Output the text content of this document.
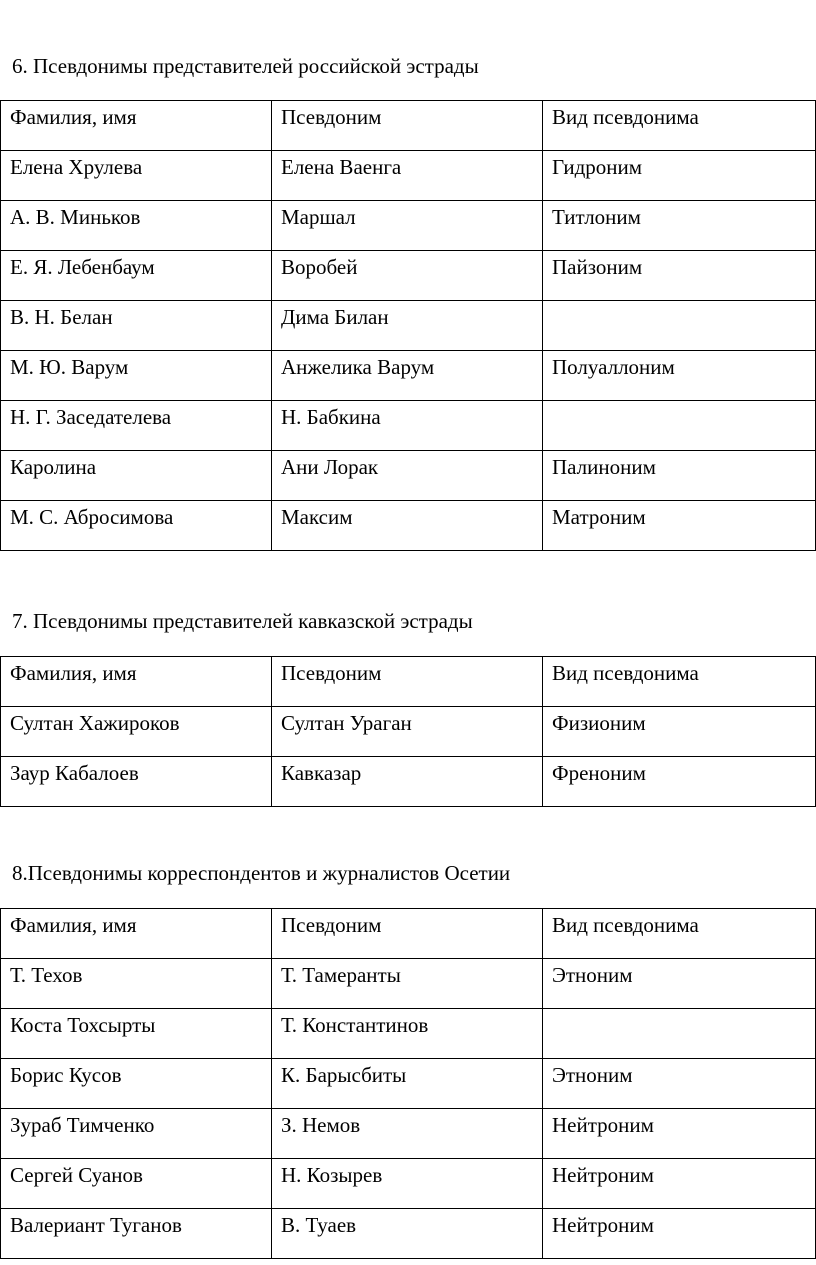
6. Псевдонимы представителей российской эстрады
Фамилия, имя	Псевдоним	Вид псевдонима

Елена Хрулева	Елена Ваенга	Гидроним

А. В. Миньков	Маршал	Титлоним

Е. Я. Лебенбаум	Воробей	Пайзоним

В. Н. Белан	Дима Билан	

М. Ю. Варум	Анжелика Варум	Полуаллоним

Н. Г. Заседателева	Н. Бабкина	

Каролина	Ани Лорак	Палиноним

М. С. Абросимова	Максим	Матроним
7. Псевдонимы представителей кавказской эстрады
Фамилия, имя	Псевдоним	Вид псевдонима

Султан Хажироков	Султан Ураган	Физионим

Заур Кабалоев	Кавказар	Френоним
8.Псевдонимы корреспондентов и журналистов Осетии
Фамилия, имя	Псевдоним	Вид псевдонима

Т. Техов	Т. Тамеранты	Этноним

Коста Тохсырты	Т. Константинов	

Борис Кусов	К. Барысбиты	Этноним

Зураб Тимченко	З. Немов	Нейтроним

Сергей Суанов	Н. Козырев	Нейтроним

Валериант Туганов	В. Туаев	Нейтроним
